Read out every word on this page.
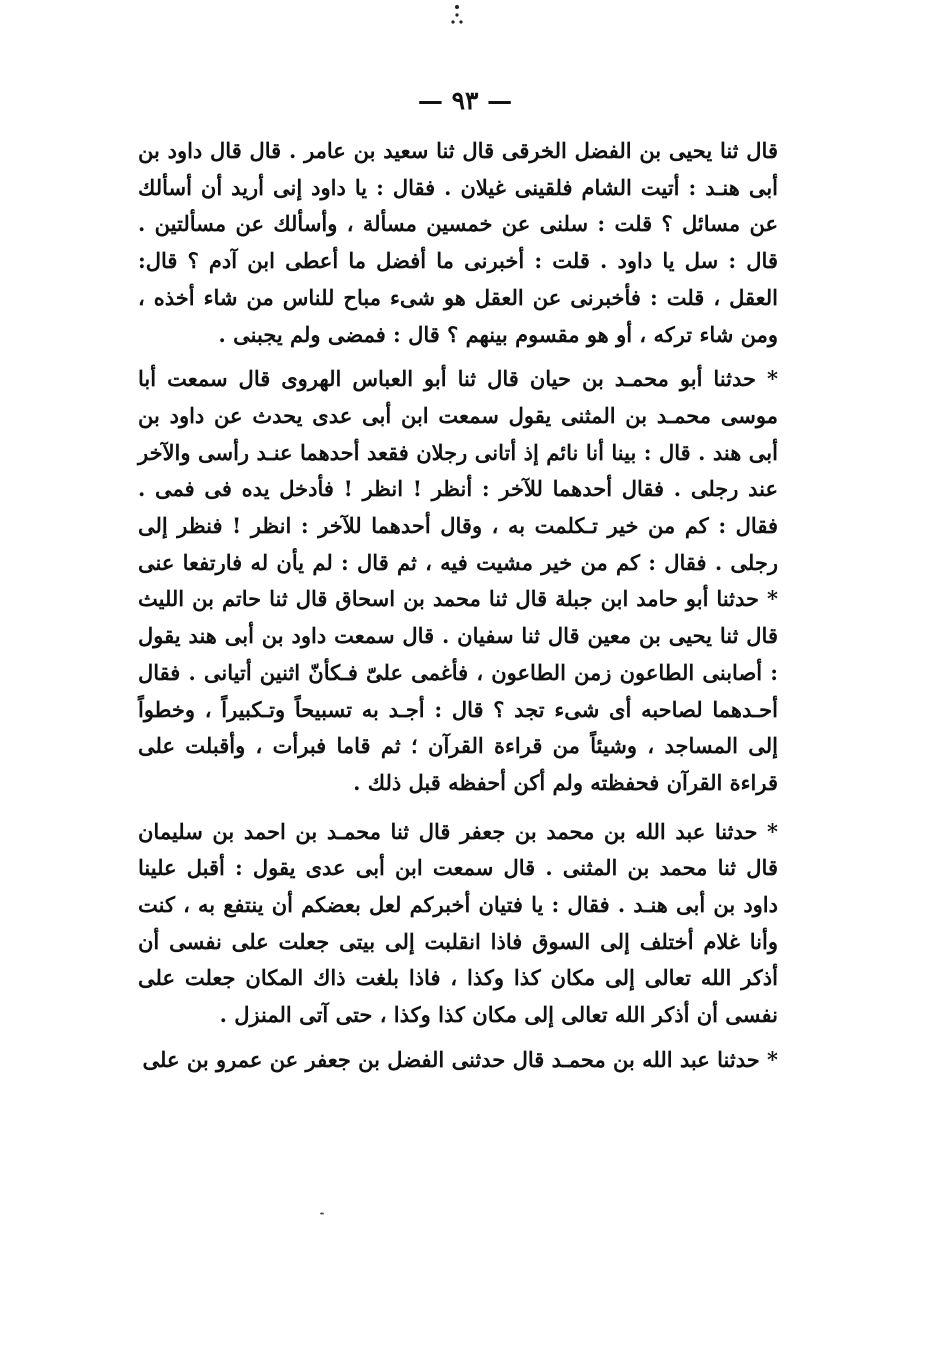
— ٩٣ —

قال ثنا يحيى بن الفضل الخرقى قال ثنا سعيد بن عامر . قال قال داود بن أبى هنـد : أتيت الشام فلقينى غيلان . فقال : يا داود إنى أريد أن أسألك عن مسائل ؟ قلت : سلنى عن خمسين مسألة ، وأسألك عن مسألتين . قال : سل يا داود . قلت : أخبرنى ما أفضل ما أعطى ابن آدم ؟ قال: العقل ، قلت : فأخبرنى عن العقل هو شىء مباح للناس من شاء أخذه ، ومن شاء تركه ، أو هو مقسوم بينهم ؟ قال : فمضى ولم يجبنى .

* حدثنا أبو محمـد بن حيان قال ثنا أبو العباس الهروى قال سمعت أبا موسى محمـد بن المثنى يقول سمعت ابن أبى عدى يحدث عن داود بن أبى هند . قال : بينا أنا نائم إذ أتانى رجلان فقعد أحدهما عنـد رأسى والآخر عند رجلى . فقال أحدهما للآخر : أنظر ! انظر ! فأدخل يده فى فمى . فقال : كم من خير تـكلمت به ، وقال أحدهما للآخر : انظر ! فنظر إلى رجلى . فقال : كم من خير مشيت فيه ، ثم قال : لم يأن له فارتفعا عنى * حدثنا أبو حامد ابن جبلة قال ثنا محمد بن اسحاق قال ثنا حاتم بن الليث قال ثنا يحيى بن معين قال ثنا سفيان . قال سمعت داود بن أبى هند يقول : أصابنى الطاعون زمن الطاعون ، فأغمى علىّ فـكأنّ اثنين أتيانى . فقال أحـدهما لصاحبه أى شىء تجد ؟ قال : أجـد به تسبيحاً وتـكبيراً ، وخطواً إلى المساجد ، وشيئاً من قراءة القرآن ؛ ثم قاما فبرأت ، وأقبلت على قراءة القرآن فحفظته ولم أكن أحفظه قبل ذلك .

* حدثنا عبد الله بن محمد بن جعفر قال ثنا محمـد بن احمد بن سليمان قال ثنا محمد بن المثنى . قال سمعت ابن أبى عدى يقول : أقبل علينا داود بن أبى هنـد . فقال : يا فتيان أخبركم لعل بعضكم أن ينتفع به ، كنت وأنا غلام أختلف إلى السوق فاذا انقلبت إلى بيتى جعلت على نفسى أن أذكر الله تعالى إلى مكان كذا وكذا ، فاذا بلغت ذاك المكان جعلت على نفسى أن أذكر الله تعالى إلى مكان كذا وكذا ، حتى آتى المنزل .

* حدثنا عبد الله بن محمـد قال حدثنى الفضل بن جعفر عن عمرو بن على
